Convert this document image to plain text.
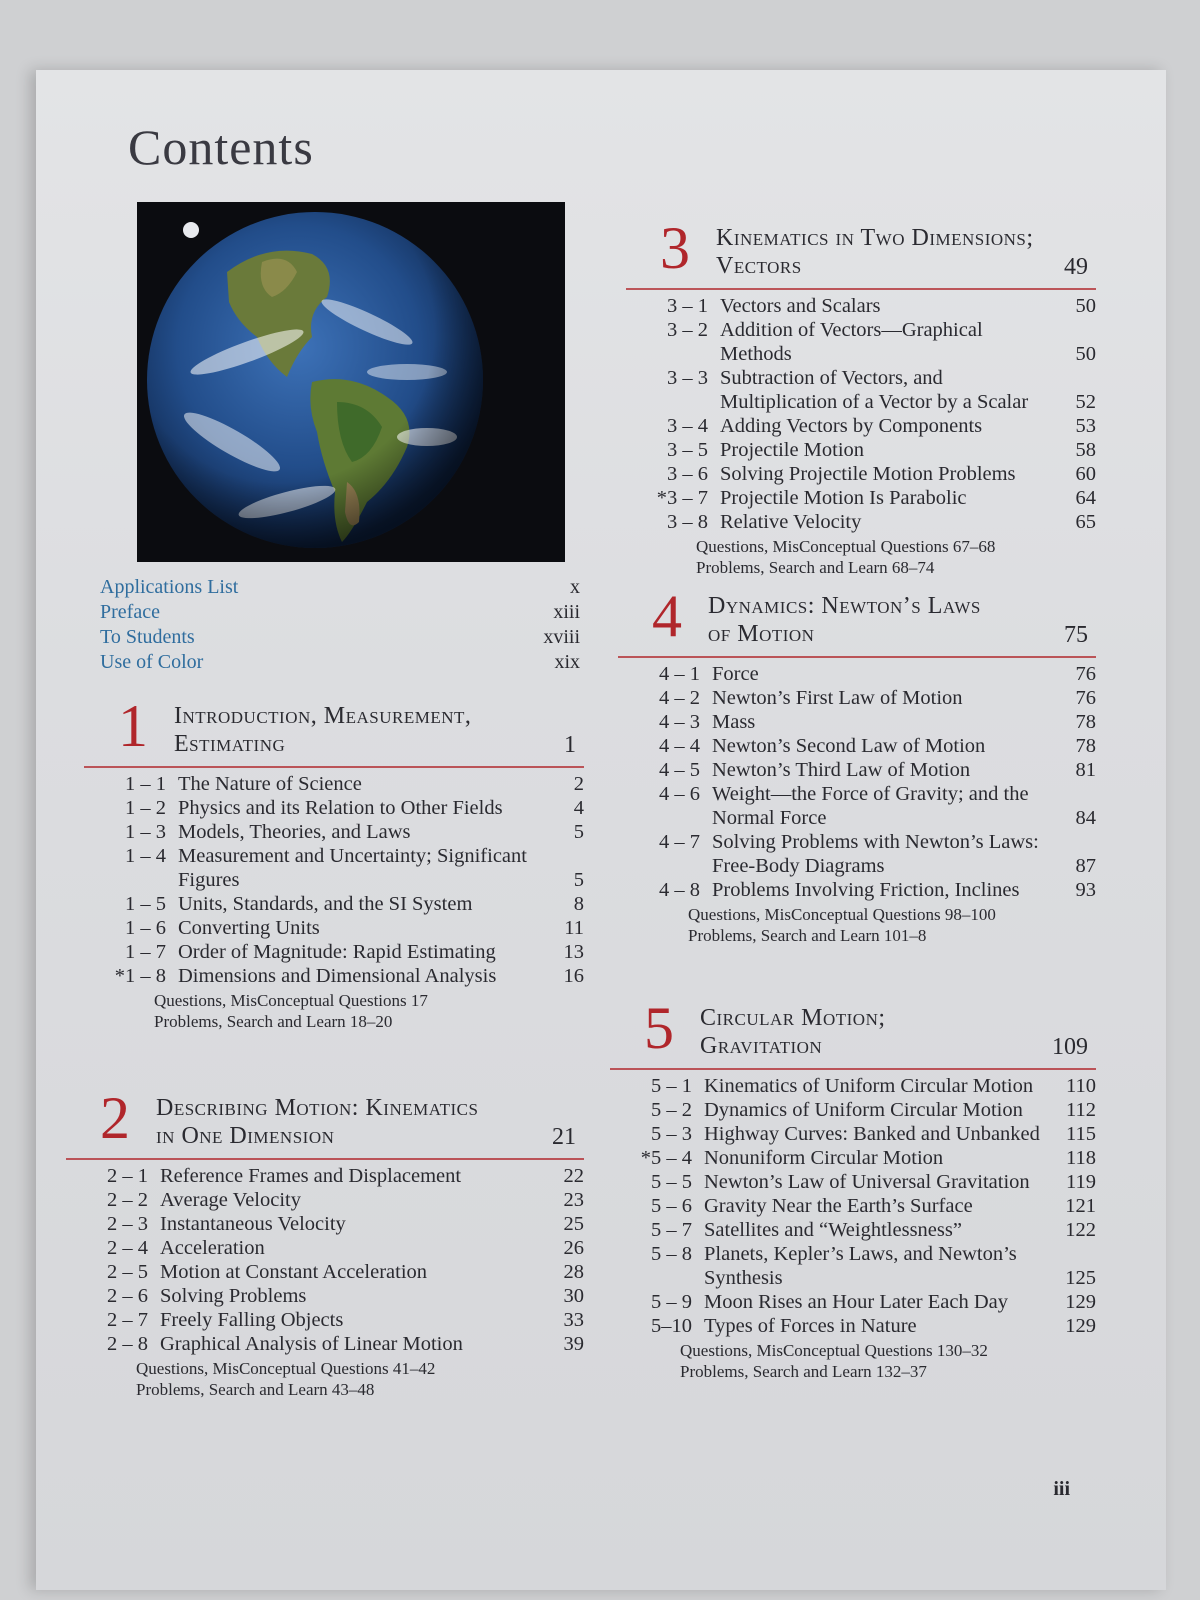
Contents
Applications List	x
Preface	xiii
To Students	xviii
Use of Color	xix
1 Introduction, Measurement,
Estimating	1
1 – 1 The Nature of Science	2
1 – 2 Physics and its Relation to Other Fields	4
1 – 3 Models, Theories, and Laws	5
1 – 4 Measurement and Uncertainty; Significant Figures	5
1 – 5 Units, Standards, and the SI System	8
1 – 6 Converting Units	11
1 – 7 Order of Magnitude: Rapid Estimating	13
*1 – 8 Dimensions and Dimensional Analysis	16
Questions, MisConceptual Questions 17
Problems, Search and Learn 18–20
2 Describing Motion: Kinematics
in One Dimension	21
2 – 1 Reference Frames and Displacement	22
2 – 2 Average Velocity	23
2 – 3 Instantaneous Velocity	25
2 – 4 Acceleration	26
2 – 5 Motion at Constant Acceleration	28
2 – 6 Solving Problems	30
2 – 7 Freely Falling Objects	33
2 – 8 Graphical Analysis of Linear Motion	39
Questions, MisConceptual Questions 41–42
Problems, Search and Learn 43–48
3 Kinematics in Two Dimensions;
Vectors	49
3 – 1 Vectors and Scalars	50
3 – 2 Addition of Vectors—Graphical Methods	50
3 – 3 Subtraction of Vectors, and Multiplication of a Vector by a Scalar	52
3 – 4 Adding Vectors by Components	53
3 – 5 Projectile Motion	58
3 – 6 Solving Projectile Motion Problems	60
*3 – 7 Projectile Motion Is Parabolic	64
3 – 8 Relative Velocity	65
Questions, MisConceptual Questions 67–68
Problems, Search and Learn 68–74
4 Dynamics: Newton’s Laws
of Motion	75
4 – 1 Force	76
4 – 2 Newton’s First Law of Motion	76
4 – 3 Mass	78
4 – 4 Newton’s Second Law of Motion	78
4 – 5 Newton’s Third Law of Motion	81
4 – 6 Weight—the Force of Gravity; and the Normal Force	84
4 – 7 Solving Problems with Newton’s Laws: Free-Body Diagrams	87
4 – 8 Problems Involving Friction, Inclines	93
Questions, MisConceptual Questions 98–100
Problems, Search and Learn 101–8
5 Circular Motion;
Gravitation	109
5 – 1 Kinematics of Uniform Circular Motion	110
5 – 2 Dynamics of Uniform Circular Motion	112
5 – 3 Highway Curves: Banked and Unbanked	115
*5 – 4 Nonuniform Circular Motion	118
5 – 5 Newton’s Law of Universal Gravitation	119
5 – 6 Gravity Near the Earth’s Surface	121
5 – 7 Satellites and “Weightlessness”	122
5 – 8 Planets, Kepler’s Laws, and Newton’s Synthesis	125
5 – 9 Moon Rises an Hour Later Each Day	129
5–10 Types of Forces in Nature	129
Questions, MisConceptual Questions 130–32
Problems, Search and Learn 132–37
iii
